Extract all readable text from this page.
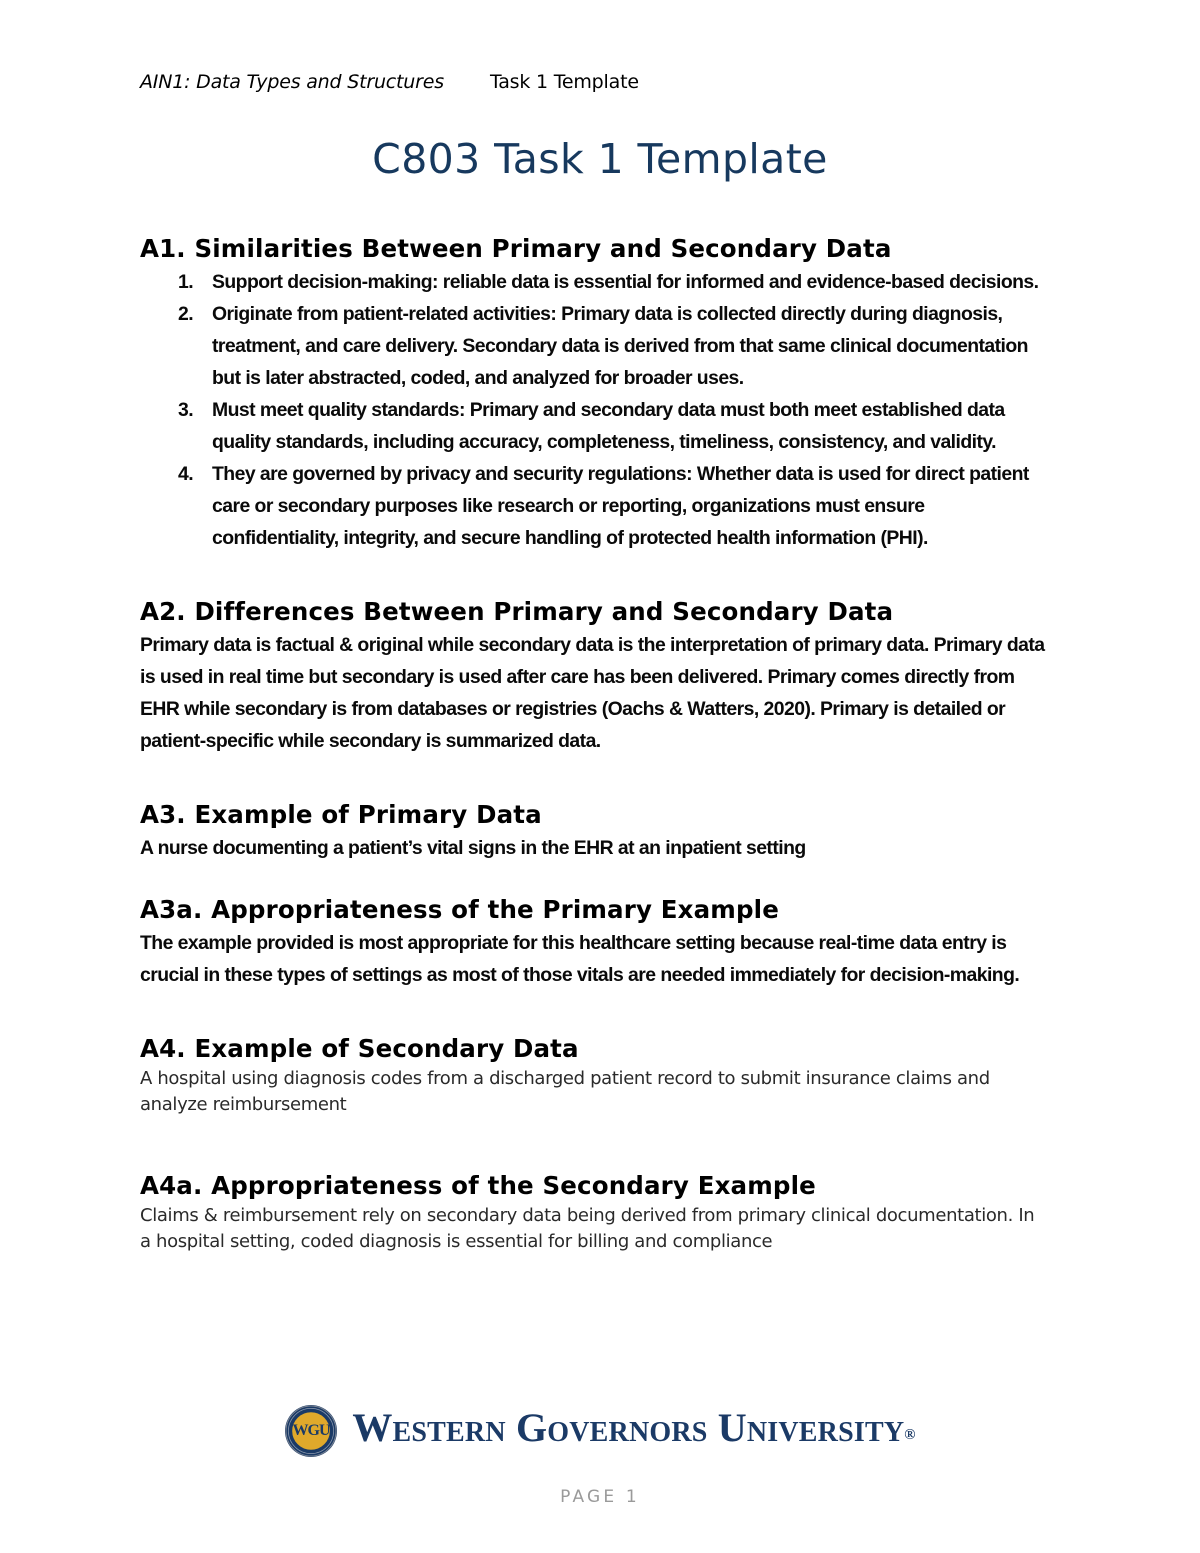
AIN1: Data Types and Structures Task 1 Template
C803 Task 1 Template
A1. Similarities Between Primary and Secondary Data
1. Support decision-making: reliable data is essential for informed and evidence-based decisions.
2. Originate from patient-related activities: Primary data is collected directly during diagnosis, treatment, and care delivery. Secondary data is derived from that same clinical documentation but is later abstracted, coded, and analyzed for broader uses.
3. Must meet quality standards: Primary and secondary data must both meet established data quality standards, including accuracy, completeness, timeliness, consistency, and validity.
4. They are governed by privacy and security regulations: Whether data is used for direct patient care or secondary purposes like research or reporting, organizations must ensure confidentiality, integrity, and secure handling of protected health information (PHI).
A2. Differences Between Primary and Secondary Data

Primary data is factual & original while secondary data is the interpretation of primary data. Primary data is used in real time but secondary is used after care has been delivered. Primary comes directly from EHR while secondary is from databases or registries (Oachs & Watters, 2020). Primary is detailed or patient-specific while secondary is summarized data.

A3. Example of Primary Data

A nurse documenting a patient’s vital signs in the EHR at an inpatient setting

A3a. Appropriateness of the Primary Example

The example provided is most appropriate for this healthcare setting because real-time data entry is crucial in these types of settings as most of those vitals are needed immediately for decision-making.

A4. Example of Secondary Data

A hospital using diagnosis codes from a discharged patient record to submit insurance claims and analyze reimbursement

A4a. Appropriateness of the Secondary Example

Claims & reimbursement rely on secondary data being derived from primary clinical documentation. In a hospital setting, coded diagnosis is essential for billing and compliance

WGU Western Governors University®
PAGE 1
